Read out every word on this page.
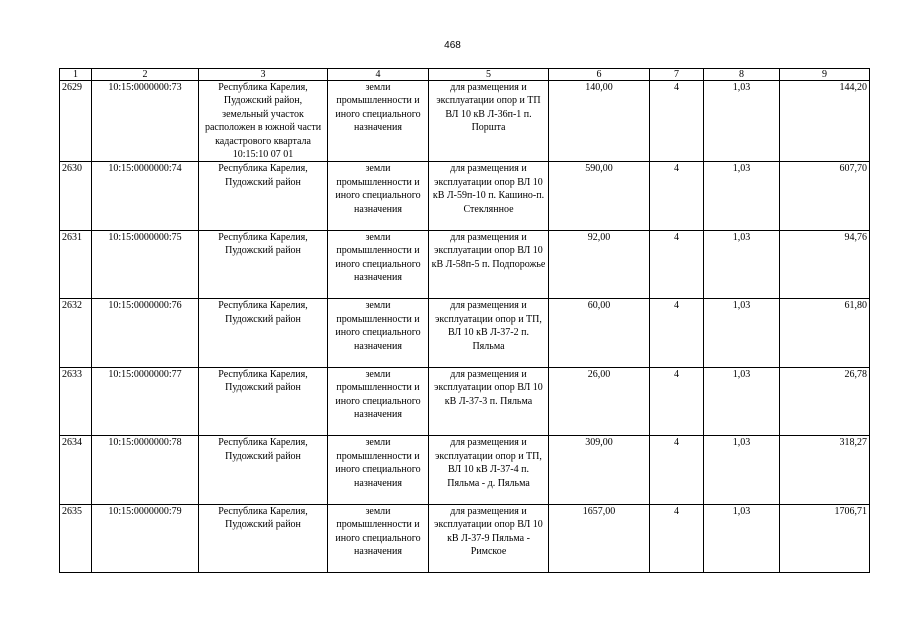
468
1	2	3	4	5	6	7	8	9
2629	10:15:0000000:73	Республика Карелия, Пудожский район, земельный участок расположен в южной части кадастрового квартала 10:15:10 07 01	земли промышленности и иного специального назначения	для размещения и эксплуатации опор и ТП ВЛ 10 кВ Л-36п-1 п. Поршта	140,00	4	1,03	144,20
2630	10:15:0000000:74	Республика Карелия, Пудожский район	земли промышленности и иного специального назначения	для размещения и эксплуатации опор ВЛ 10 кВ Л-59п-10 п. Кашино-п. Стеклянное	590,00	4	1,03	607,70
2631	10:15:0000000:75	Республика Карелия, Пудожский район	земли промышленности и иного специального назначения	для размещения и эксплуатации опор ВЛ 10 кВ Л-58п-5 п. Подпорожье	92,00	4	1,03	94,76
2632	10:15:0000000:76	Республика Карелия, Пудожский район	земли промышленности и иного специального назначения	для размещения и эксплуатации опор и ТП, ВЛ 10 кВ Л-37-2 п. Пяльма	60,00	4	1,03	61,80
2633	10:15:0000000:77	Республика Карелия, Пудожский район	земли промышленности и иного специального назначения	для размещения и эксплуатации опор ВЛ 10 кВ Л-37-3 п. Пяльма	26,00	4	1,03	26,78
2634	10:15:0000000:78	Республика Карелия, Пудожский район	земли промышленности и иного специального назначения	для размещения и эксплуатации опор и ТП, ВЛ 10 кВ Л-37-4 п. Пяльма - д. Пяльма	309,00	4	1,03	318,27
2635	10:15:0000000:79	Республика Карелия, Пудожский район	земли промышленности и иного специального назначения	для размещения и эксплуатации опор ВЛ 10 кВ Л-37-9 Пяльма - Римское	1657,00	4	1,03	1706,71
